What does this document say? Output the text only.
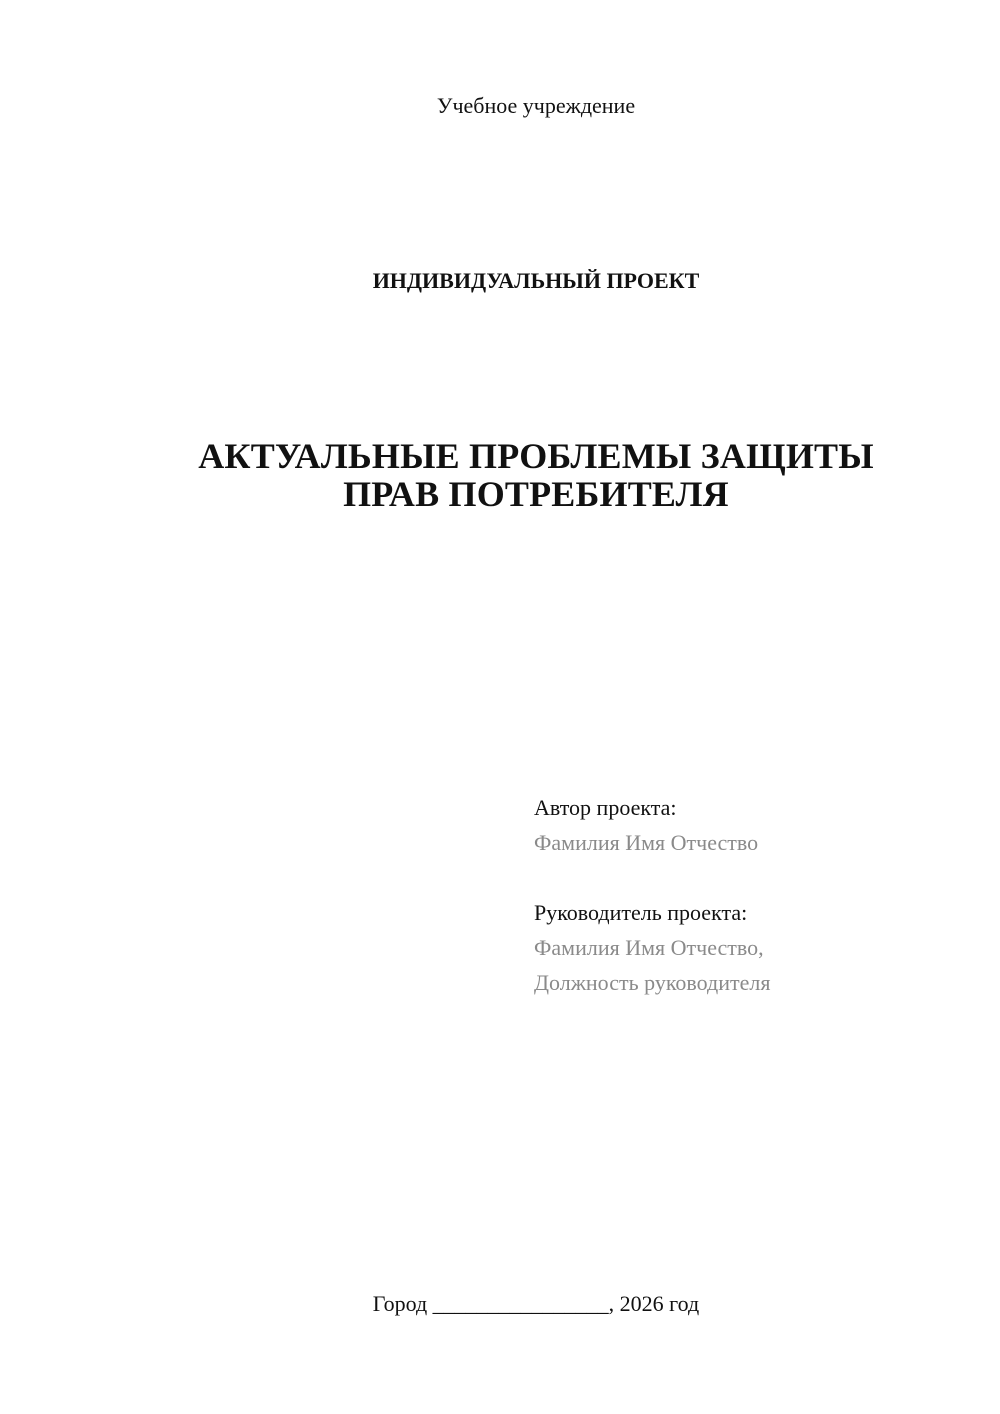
Учебное учреждение
ИНДИВИДУАЛЬНЫЙ ПРОЕКТ
АКТУАЛЬНЫЕ ПРОБЛЕМЫ ЗАЩИТЫ
ПРАВ ПОТРЕБИТЕЛЯ
Автор проекта:
Фамилия Имя Отчество
Руководитель проекта:
Фамилия Имя Отчество,
Должность руководителя
Город ________________, 2026 год
